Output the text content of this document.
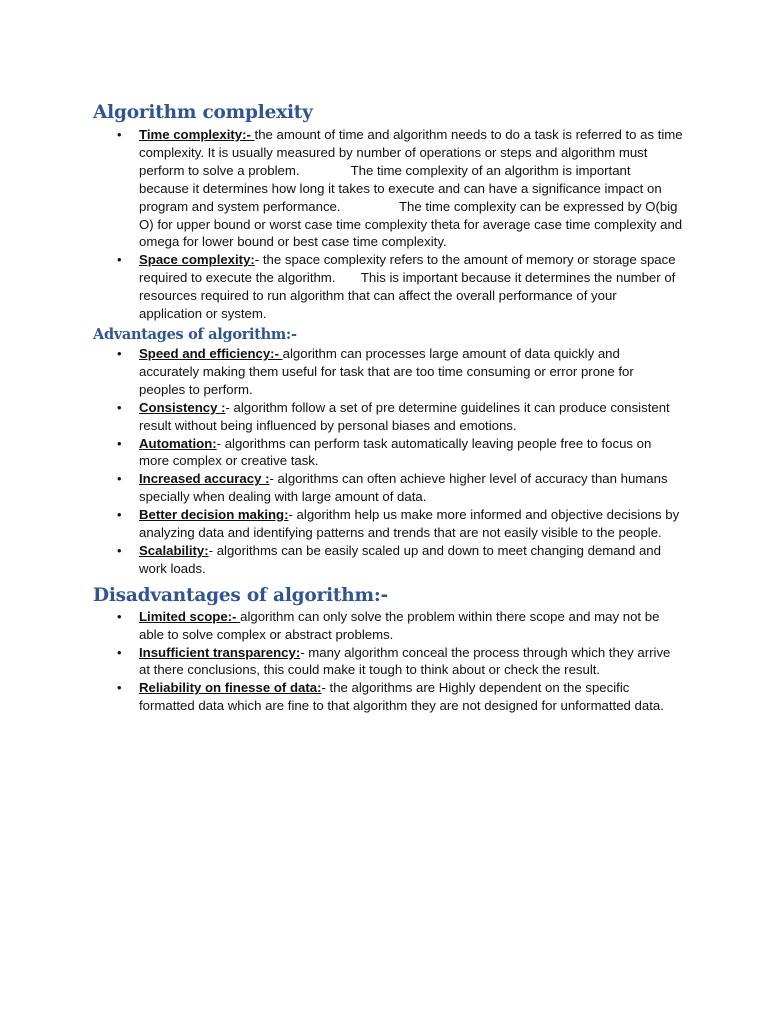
Algorithm complexity
• Time complexity:- the amount of time and algorithm needs to do a task is referred to as time complexity. It is usually measured by number of operations or steps and algorithm must perform to solve a problem.              The time complexity of an algorithm is important because it determines how long it takes to execute and can have a significance impact on program and system performance.                The time complexity can be expressed by O(big O) for upper bound or worst case time complexity theta for average case time complexity and omega for lower bound or best case time complexity.
• Space complexity:- the space complexity refers to the amount of memory or storage space required to execute the algorithm.       This is important because it determines the number of resources required to run algorithm that can affect the overall performance of your application or system.
Advantages of algorithm:-
• Speed and efficiency:- algorithm can processes large amount of data quickly and accurately making them useful for task that are too time consuming or error prone for peoples to perform.
• Consistency :- algorithm follow a set of pre determine guidelines it can produce consistent result without being influenced by personal biases and emotions.
• Automation:- algorithms can perform task automatically leaving people free to focus on more complex or creative task.
• Increased accuracy :- algorithms can often achieve higher level of accuracy than humans specially when dealing with large amount of data.
• Better decision making:- algorithm help us make more informed and objective decisions by analyzing data and identifying patterns and trends that are not easily visible to the people.
• Scalability:- algorithms can be easily scaled up and down to meet changing demand and work loads.
Disadvantages of algorithm:-
• Limited scope:- algorithm can only solve the problem within there scope and may not be able to solve complex or abstract problems.
• Insufficient transparency:- many algorithm conceal the process through which they arrive at there conclusions, this could make it tough to think about or check the result.
• Reliability on finesse of data:- the algorithms are Highly dependent on the specific formatted data which are fine to that algorithm they are not designed for unformatted data.
